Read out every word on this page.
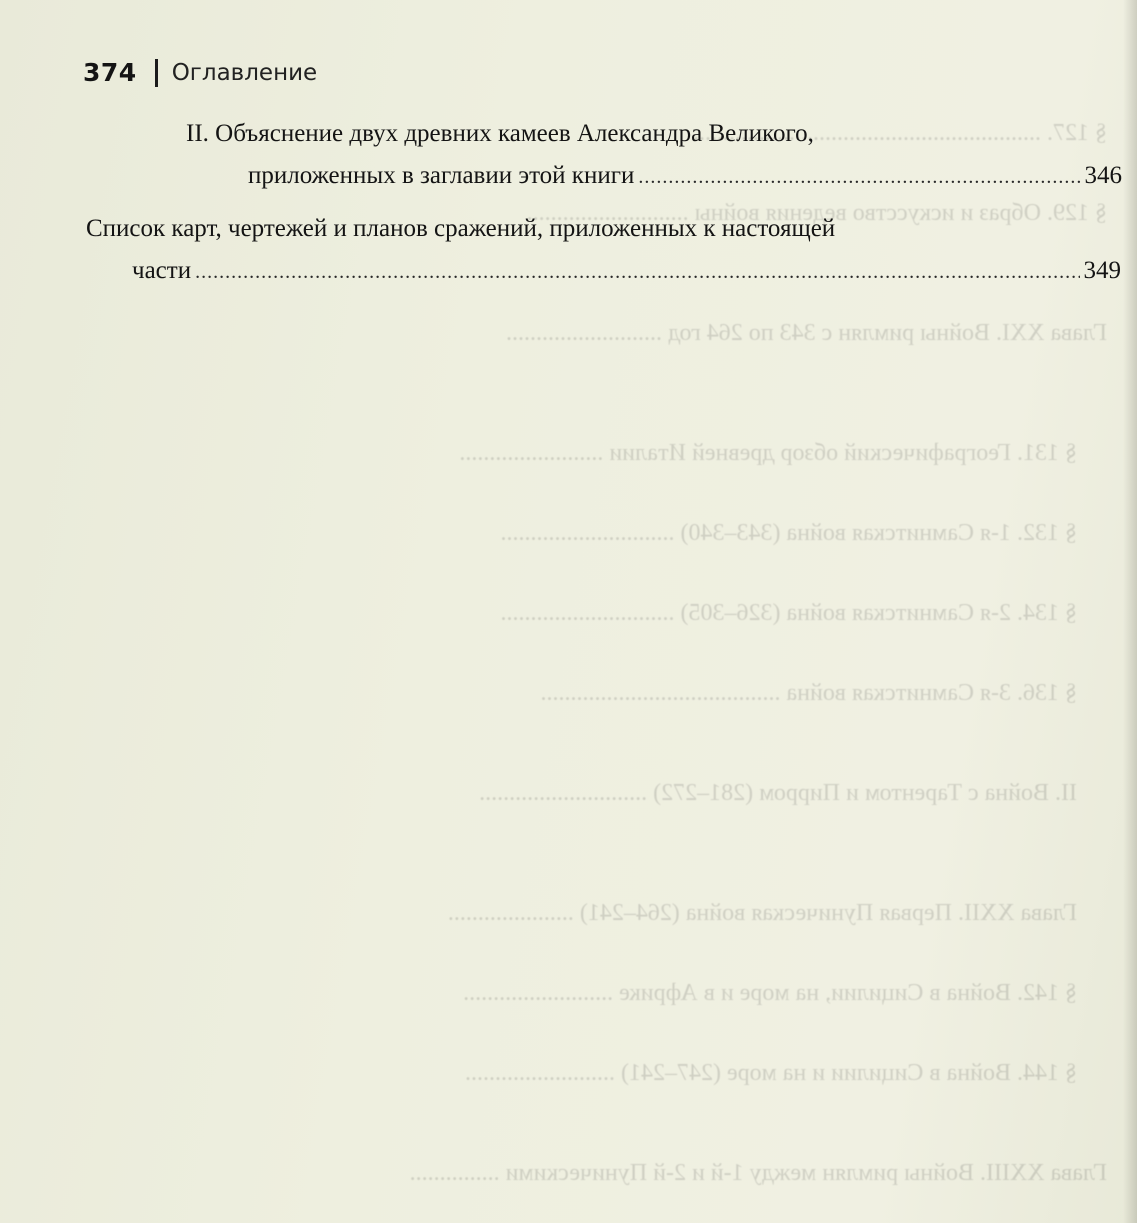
§ 127. ..........................................................
§ 129. Образ и искусство ведения войны ...........................
Глава XXI. Войны римлян с 343 по 264 год ..........................
§ 131. Географический обзор древней Италии ........................
§ 132. 1-я Самнитская война (343–340) .............................
§ 134. 2-я Самнитская война (326–305) .............................
§ 136. 3-я Самнитская война ........................................
II. Война с Тарентом и Пирром (281–272) ............................
Глава XXII. Первая Пуническая война (264–241) .....................
§ 142. Война в Сицилии, на море и в Африке .........................
§ 144. Война в Сицилии и на море (247–241) .........................
Глава XXIII. Войны римлян между 1-й и 2-й Пуническими ...............
374 Оглавление
II. Объяснение двух древних камеев Александра Великого,
приложенных в заглавии этой книги .....	346
Список карт, чертежей и планов сражений, приложенных к настоящей
части .....	349
